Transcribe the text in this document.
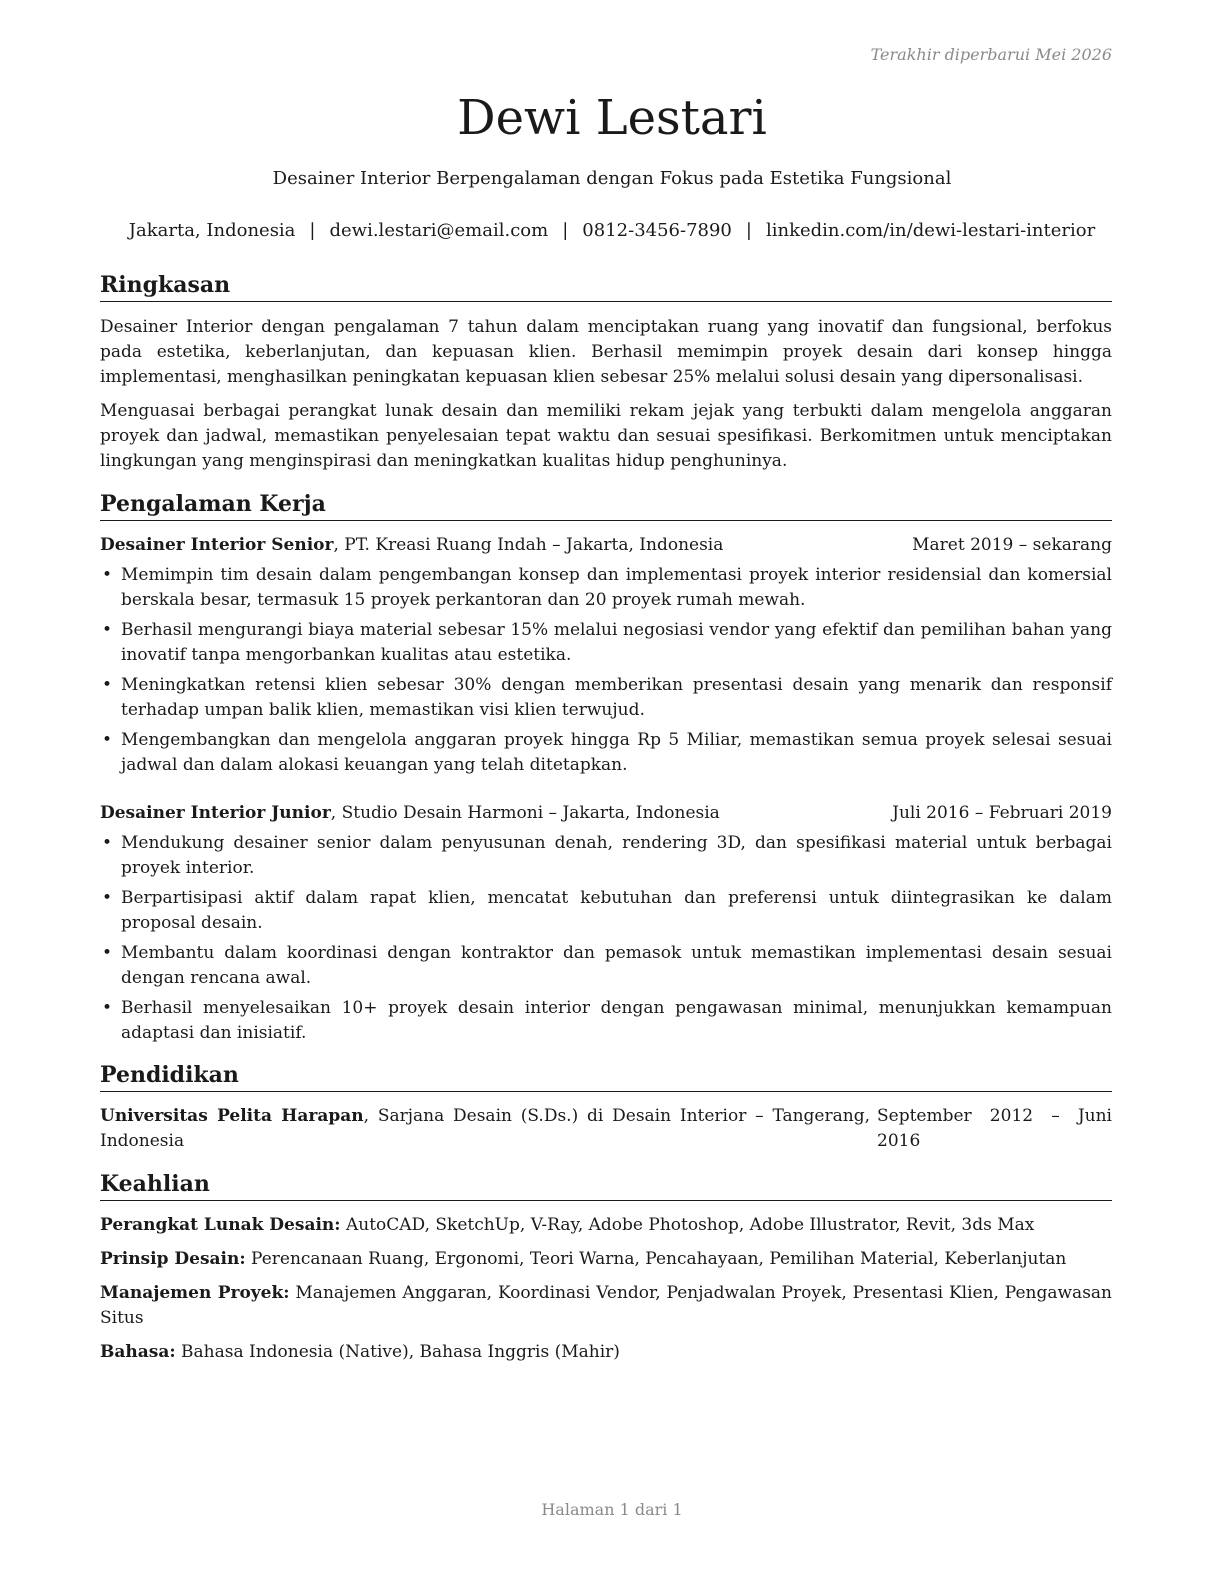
Terakhir diperbarui Mei 2026
Dewi Lestari
Desainer Interior Berpengalaman dengan Fokus pada Estetika Fungsional
Jakarta, Indonesia | dewi.lestari@email.com | 0812-3456-7890 | linkedin.com/in/dewi-lestari-interior
Ringkasan

Desainer Interior dengan pengalaman 7 tahun dalam menciptakan ruang yang inovatif dan fungsional, berfokus pada estetika, keberlanjutan, dan kepuasan klien. Berhasil memimpin proyek desain dari konsep hingga implementasi, menghasilkan peningkatan kepuasan klien sebesar 25% melalui solusi desain yang dipersonalisasi.

Menguasai berbagai perangkat lunak desain dan memiliki rekam jejak yang terbukti dalam mengelola anggaran proyek dan jadwal, memastikan penyelesaian tepat waktu dan sesuai spesifikasi. Berkomitmen untuk menciptakan lingkungan yang menginspirasi dan meningkatkan kualitas hidup penghuninya.

Pengalaman Kerja
Desainer Interior Senior, PT. Kreasi Ruang Indah – Jakarta, Indonesia	Maret 2019 – sekarang
• Memimpin tim desain dalam pengembangan konsep dan implementasi proyek interior residensial dan komersial berskala besar, termasuk 15 proyek perkantoran dan 20 proyek rumah mewah.
• Berhasil mengurangi biaya material sebesar 15% melalui negosiasi vendor yang efektif dan pemilihan bahan yang inovatif tanpa mengorbankan kualitas atau estetika.
• Meningkatkan retensi klien sebesar 30% dengan memberikan presentasi desain yang menarik dan responsif terhadap umpan balik klien, memastikan visi klien terwujud.
• Mengembangkan dan mengelola anggaran proyek hingga Rp 5 Miliar, memastikan semua proyek selesai sesuai jadwal dan dalam alokasi keuangan yang telah ditetapkan.
Desainer Interior Junior, Studio Desain Harmoni – Jakarta, Indonesia	Juli 2016 – Februari 2019
• Mendukung desainer senior dalam penyusunan denah, rendering 3D, dan spesifikasi material untuk berbagai proyek interior.
• Berpartisipasi aktif dalam rapat klien, mencatat kebutuhan dan preferensi untuk diintegrasikan ke dalam proposal desain.
• Membantu dalam koordinasi dengan kontraktor dan pemasok untuk memastikan implementasi desain sesuai dengan rencana awal.
• Berhasil menyelesaikan 10+ proyek desain interior dengan pengawasan minimal, menunjukkan kemampuan adaptasi dan inisiatif.
Pendidikan
Universitas Pelita Harapan, Sarjana Desain (S.Ds.) di Desain Interior – Tangerang, Indonesia
September 2012 – Juni 2016
Keahlian

Perangkat Lunak Desain: AutoCAD, SketchUp, V-Ray, Adobe Photoshop, Adobe Illustrator, Revit, 3ds Max

Prinsip Desain: Perencanaan Ruang, Ergonomi, Teori Warna, Pencahayaan, Pemilihan Material, Keberlanjutan

Manajemen Proyek: Manajemen Anggaran, Koordinasi Vendor, Penjadwalan Proyek, Presentasi Klien, Pengawasan Situs

Bahasa: Bahasa Indonesia (Native), Bahasa Inggris (Mahir)

Halaman 1 dari 1
